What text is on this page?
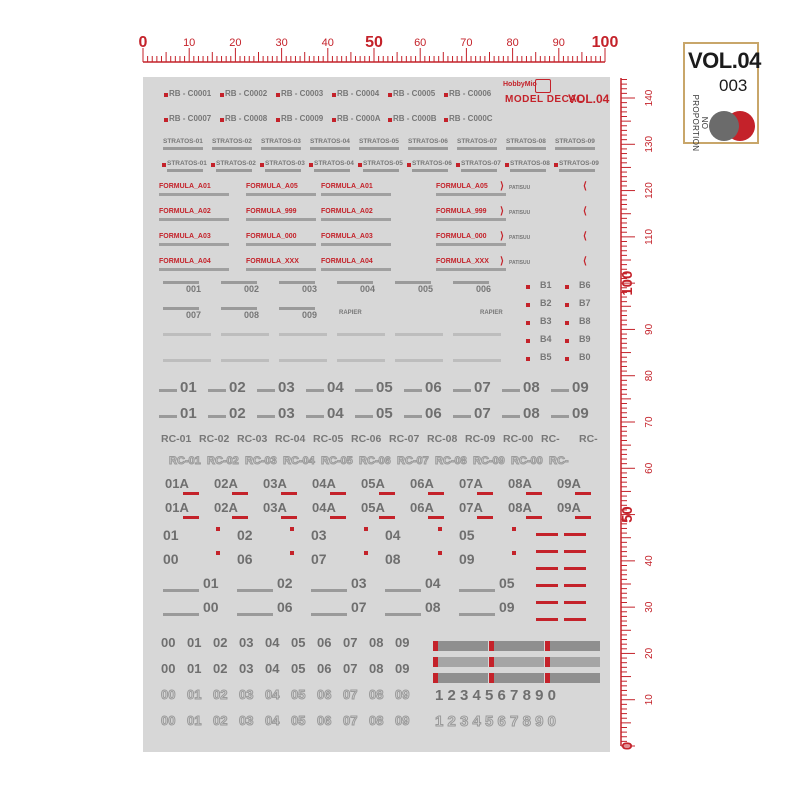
0	10	20	30	40 50	60	70	80	90 100
0
10
20
30
40
50
60
70
80
90
100
110
120
130
140
VOL.04
003
NO PROPORTION
HobbyMio
MODEL DECAL
VOL.04
RB - C0001 RB - C0002 RB - C0003 RB - C0004 RB - C0005 RB - C0006
RB - C0007 RB - C0008 RB - C0009 RB - C000A RB - C000B RB - C000C
STRATOS-01 STRATOS-02 STRATOS-03 STRATOS-04 STRATOS-05 STRATOS-06 STRATOS-07 STRATOS-08 STRATOS-09
STRATOS-01 STRATOS-02 STRATOS-03 STRATOS-04 STRATOS-05 STRATOS-06 STRATOS-07 STRATOS-08 STRATOS-09
FORMULA_A01
FORMULA_A02
FORMULA_A03
FORMULA_A04
FORMULA_A05
FORMULA_999
FORMULA_000
FORMULA_XXX
FORMULA_A01
FORMULA_A02
FORMULA_A03
FORMULA_A04
FORMULA_A05
FORMULA_999
FORMULA_000
FORMULA_XXX
⟩ PATISUU	⟨
⟩ PATISUU	⟨
⟩ PATISUU	⟨
⟩ PATISUU	⟨
001	002	003	004	005	006
007	008	009	RAPIER	RAPIER
B1
B2
B3
B4
B5
B6
B7
B8
B9
B0
01 02 03 04 05 06 07 08 09
01 02 03 04 05 06 07 08 09
RC-01 RC-02 RC-03 RC-04 RC-05 RC-06 RC-07 RC-08 RC-09 RC-00 RC- RC-
RC-01 RC-02 RC-03 RC-04 RC-05 RC-06 RC-07 RC-08 RC-09 RC-00 RC-
01A 02A 03A 04A 05A 06A 07A 08A 09A
01A 02A 03A 04A 05A 06A 07A 08A 09A
01	02	03	04	05
00	06	07	08	09
01	02	03	04	05
00	06	07	08	09
00 01 02 03 04 05 06 07 08 09
00 01 02 03 04 05 06 07 08 09
00 01 02 03 04 05 06 07 08 09
00 01 02 03 04 05 06 07 08 09
1 2 3 4 5 6 7 8 9 0
1 2 3 4 5 6 7 8 9 0
